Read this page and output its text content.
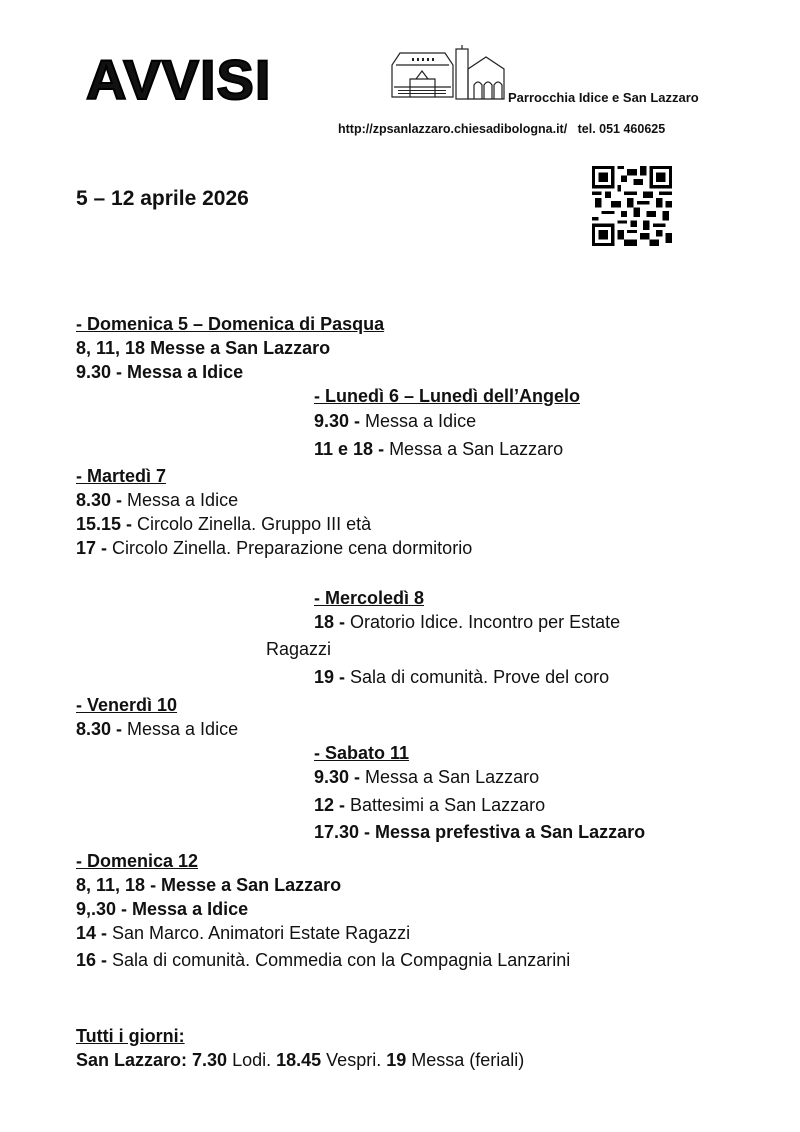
AVVISI	Parrocchia Idice e San Lazzaro
http://zpsanlazzaro.chiesadibologna.it/ tel. 051 460625
5 – 12 aprile 2026
- Domenica 5 – Domenica di Pasqua
8, 11, 18 Messe a San Lazzaro
9.30 - Messa a Idice
- Lunedì 6 – Lunedì dell’Angelo
9.30 - Messa a Idice
11 e 18 - Messa a San Lazzaro
- Martedì 7
8.30 - Messa a Idice
15.15 - Circolo Zinella. Gruppo III età
17 - Circolo Zinella. Preparazione cena dormitorio
- Mercoledì 8
18 - Oratorio Idice. Incontro per Estate
Ragazzi
19 - Sala di comunità. Prove del coro
- Venerdì 10
8.30 - Messa a Idice
- Sabato 11
9.30 - Messa a San Lazzaro
12 - Battesimi a San Lazzaro
17.30 - Messa prefestiva a San Lazzaro
- Domenica 12
8, 11, 18 - Messe a San Lazzaro
9,.30 - Messa a Idice
14 - San Marco. Animatori Estate Ragazzi
16 - Sala di comunità. Commedia con la Compagnia Lanzarini
Tutti i giorni:
San Lazzaro: 7.30 Lodi. 18.45 Vespri. 19 Messa (feriali)
